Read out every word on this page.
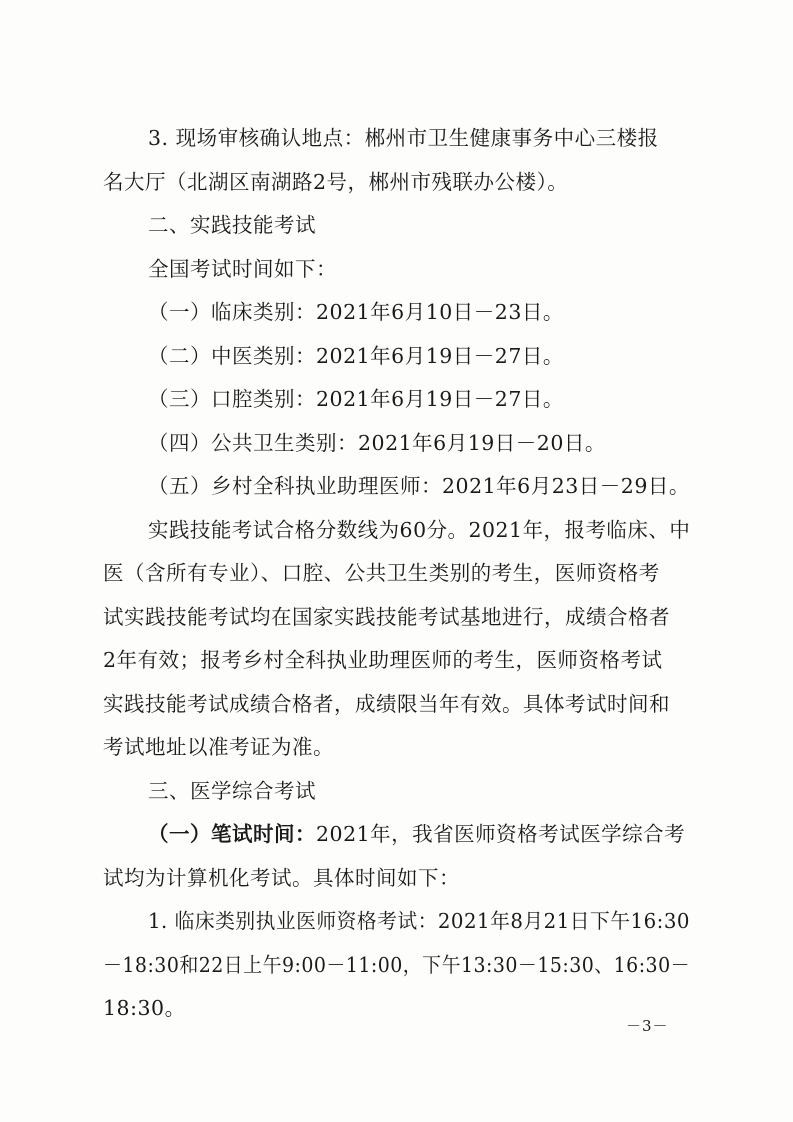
3. 现场审核确认地点：郴州市卫生健康事务中心三楼报
名大厅（北湖区南湖路2号，郴州市残联办公楼）。
二、实践技能考试
全国考试时间如下：
（一）临床类别：2021年6月10日－23日。
（二）中医类别：2021年6月19日－27日。
（三）口腔类别：2021年6月19日－27日。
（四）公共卫生类别：2021年6月19日－20日。
（五）乡村全科执业助理医师：2021年6月23日－29日。
实践技能考试合格分数线为60分。2021年，报考临床、中
医（含所有专业）、口腔、公共卫生类别的考生，医师资格考
试实践技能考试均在国家实践技能考试基地进行，成绩合格者
2年有效；报考乡村全科执业助理医师的考生，医师资格考试
实践技能考试成绩合格者，成绩限当年有效。具体考试时间和
考试地址以准考证为准。
三、医学综合考试
（一）笔试时间：2021年，我省医师资格考试医学综合考
试均为计算机化考试。具体时间如下：
1. 临床类别执业医师资格考试：2021年8月21日下午16:30
－18:30和22日上午9:00－11:00，下午13:30－15:30、16:30－
18:30。
－3－
